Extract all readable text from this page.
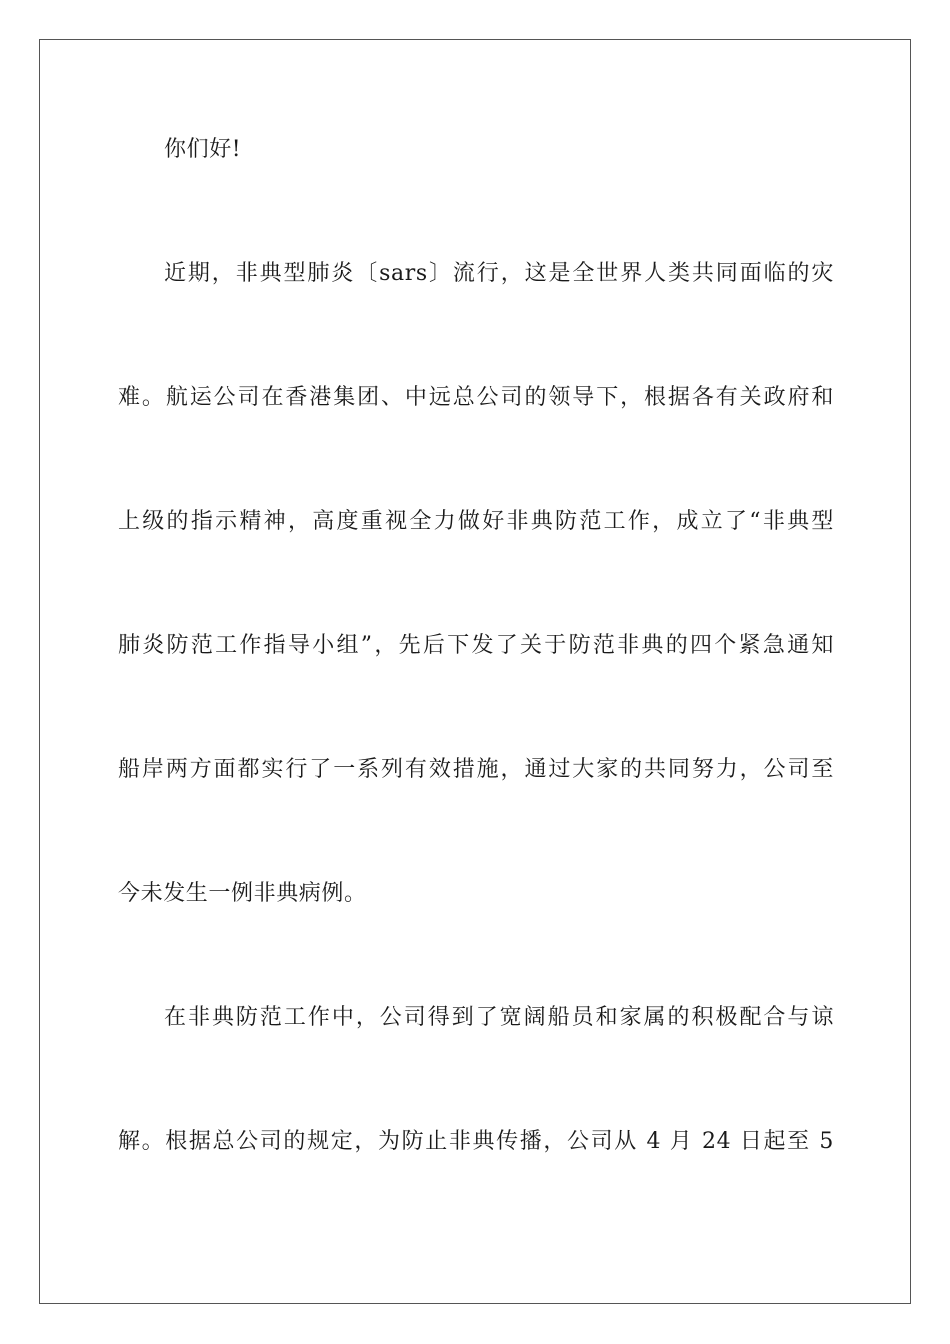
你们好!
近期，非典型肺炎〔sars〕流行，这是全世界人类共同面临的灾
难。航运公司在香港集团、中远总公司的领导下，根据各有关政府和
上级的指示精神，高度重视全力做好非典防范工作，成立了“非典型
肺炎防范工作指导小组”，先后下发了关于防范非典的四个紧急通知
船岸两方面都实行了一系列有效措施，通过大家的共同努力，公司至
今未发生一例非典病例。
在非典防范工作中，公司得到了宽阔船员和家属的积极配合与谅
解。根据总公司的规定，为防止非典传播，公司从 4 月 24 日起至 5
